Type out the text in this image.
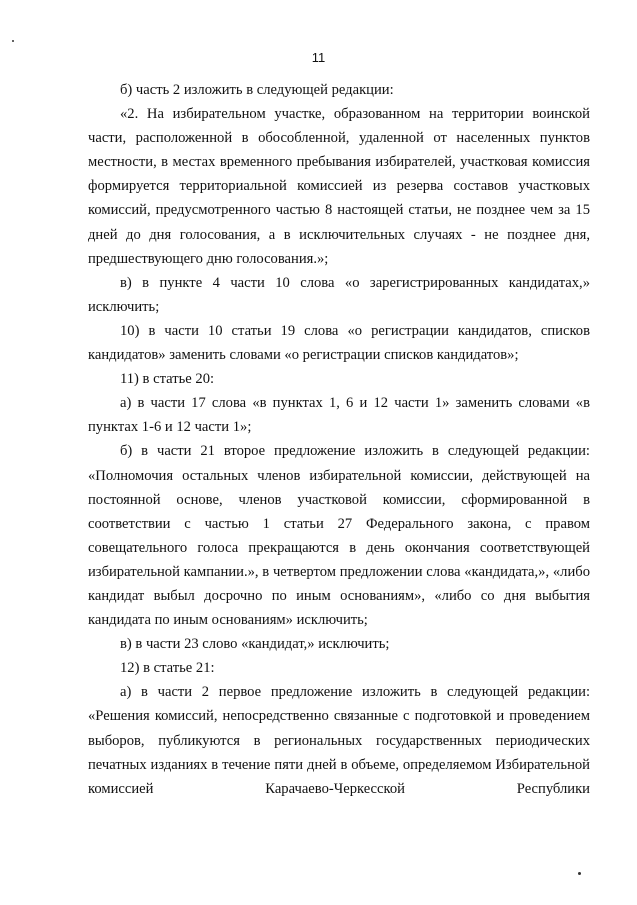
11

б) часть 2 изложить в следующей редакции:

«2. На избирательном участке, образованном на территории воинской части, расположенной в обособленной, удаленной от населенных пунктов местности, в местах временного пребывания избирателей, участковая комиссия формируется территориальной комиссией из резерва составов участковых комиссий, предусмотренного частью 8 настоящей статьи, не позднее чем за 15 дней до дня голосования, а в исключительных случаях - не позднее дня, предшествующего дню голосования.»;

в) в пункте 4 части 10 слова «о зарегистрированных кандидатах,» исключить;

10) в части 10 статьи 19 слова «о регистрации кандидатов, списков кандидатов» заменить словами «о регистрации списков кандидатов»;

11) в статье 20:

а) в части 17 слова «в пунктах 1, 6 и 12 части 1» заменить словами «в пунктах 1-6 и 12 части 1»;

б) в части 21 второе предложение изложить в следующей редакции: «Полномочия остальных членов избирательной комиссии, действующей на постоянной основе, членов участковой комиссии, сформированной в соответствии с частью 1 статьи 27 Федерального закона, с правом совещательного голоса прекращаются в день окончания соответствующей избирательной кампании.», в четвертом предложении слова «кандидата,», «либо кандидат выбыл досрочно по иным основаниям», «либо со дня выбытия кандидата по иным основаниям» исключить;

в) в части 23 слово «кандидат,» исключить;

12) в статье 21:

а) в части 2 первое предложение изложить в следующей редакции: «Решения комиссий, непосредственно связанные с подготовкой и проведением выборов, публикуются в региональных государственных периодических печатных изданиях в течение пяти дней в объеме, определяемом Избирательной комиссией Карачаево-Черкесской Республики
